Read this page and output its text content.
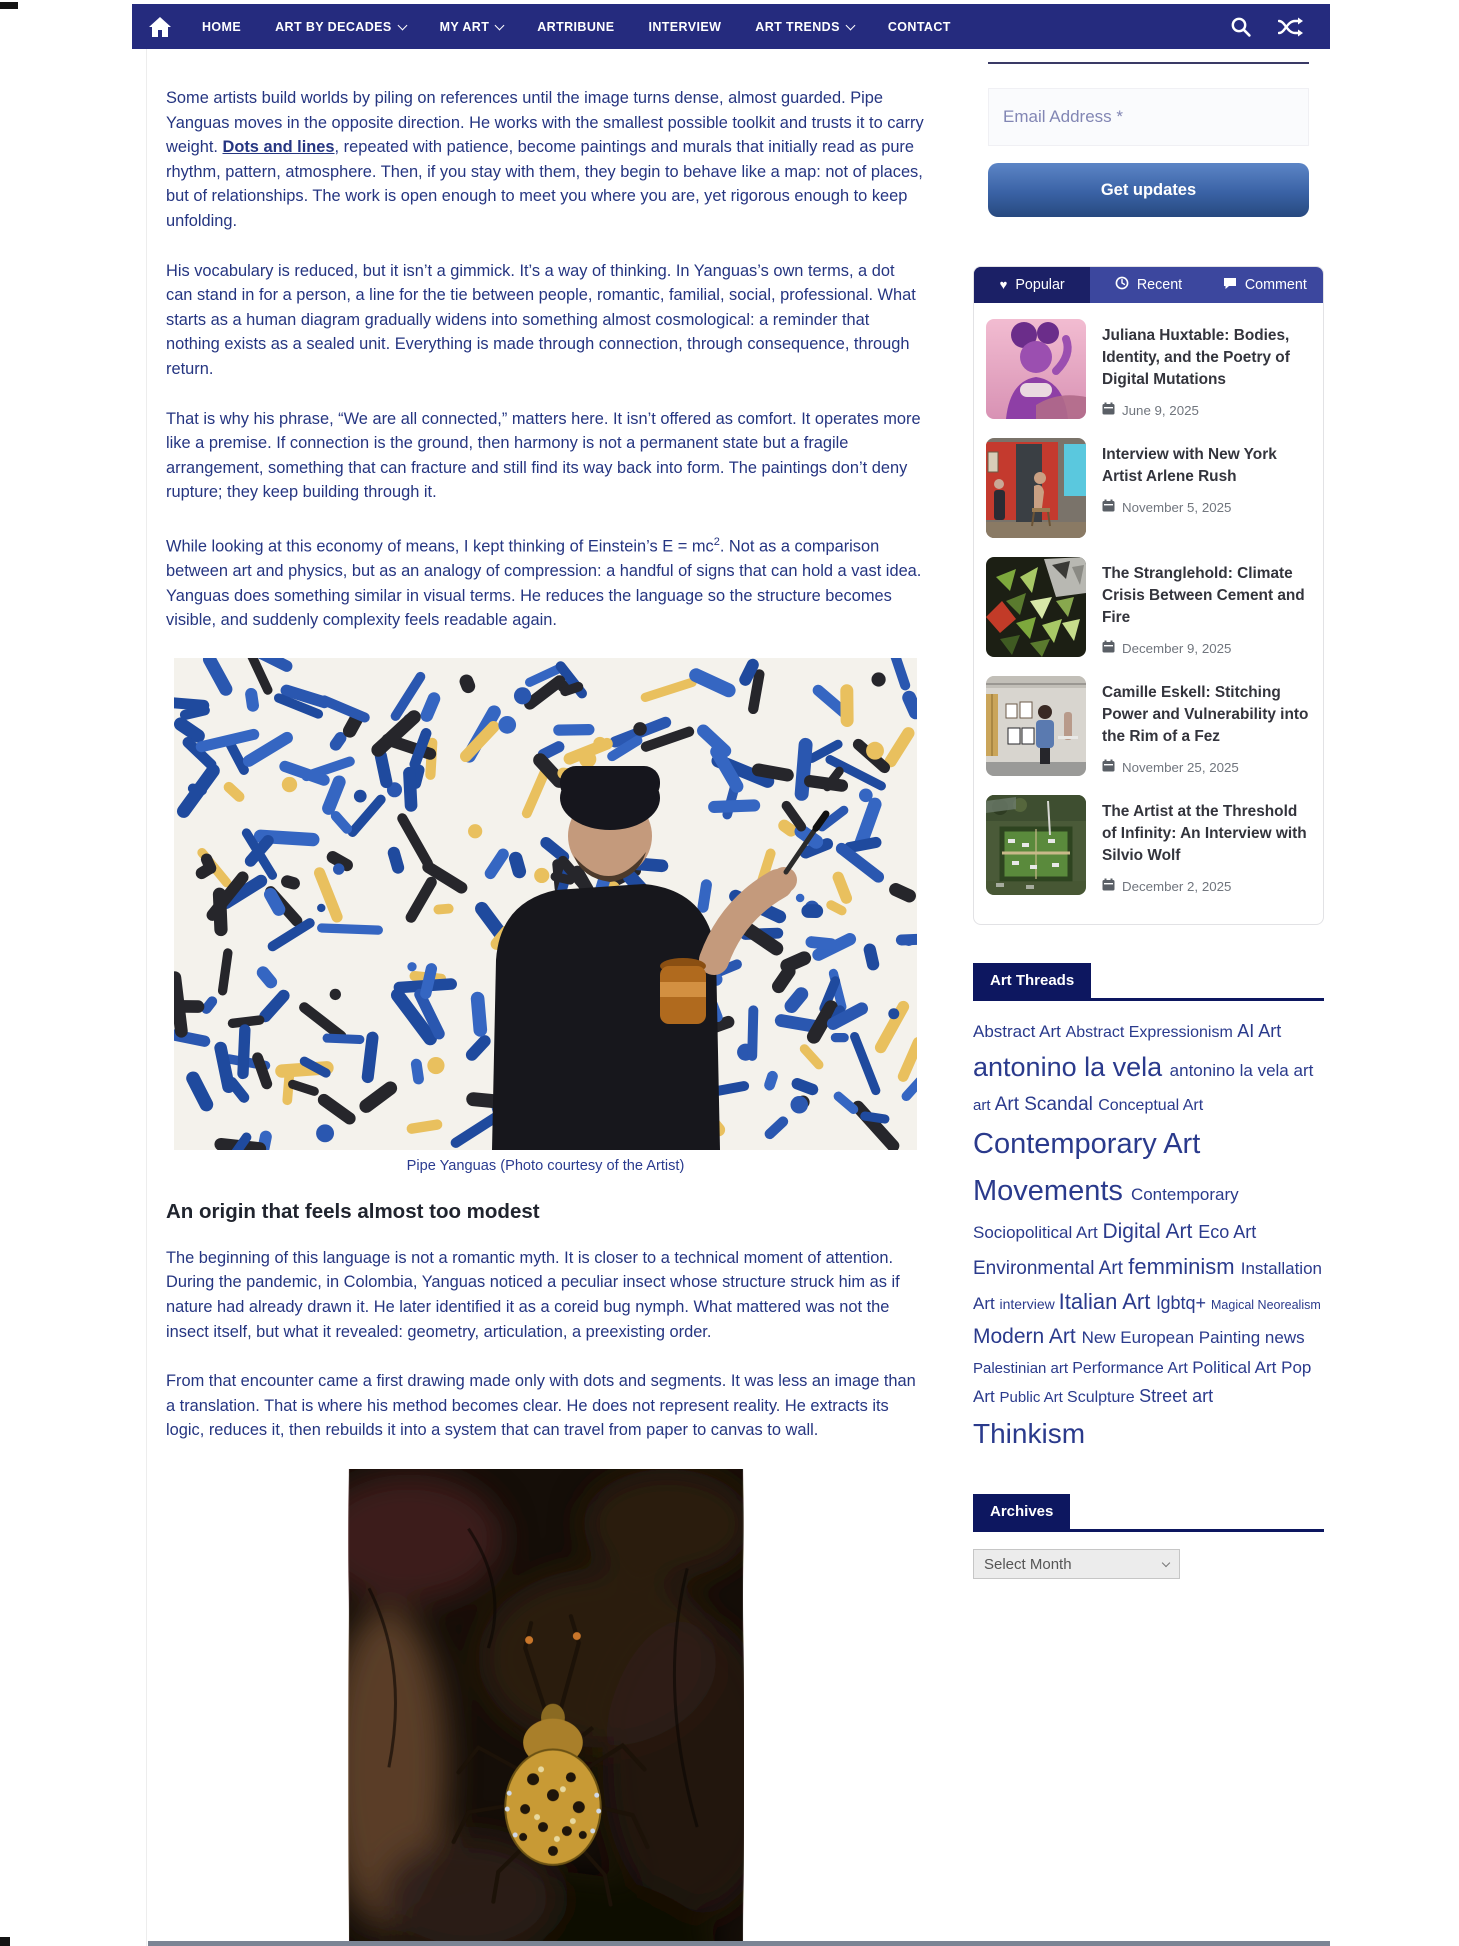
HOME	ART BY DECADES	MY ART	ARTRIBUNE	INTERVIEW	ART TRENDS	CONTACT

Some artists build worlds by piling on references until the image turns dense, almost guarded. Pipe Yanguas moves in the opposite direction. He works with the smallest possible toolkit and trusts it to carry weight. Dots and lines, repeated with patience, become paintings and murals that initially read as pure rhythm, pattern, atmosphere. Then, if you stay with them, they begin to behave like a map: not of places, but of relationships. The work is open enough to meet you where you are, yet rigorous enough to keep unfolding.

His vocabulary is reduced, but it isn’t a gimmick. It’s a way of thinking. In Yanguas’s own terms, a dot can stand in for a person, a line for the tie between people, romantic, familial, social, professional. What starts as a human diagram gradually widens into something almost cosmological: a reminder that nothing exists as a sealed unit. Everything is made through connection, through consequence, through return.

That is why his phrase, “We are all connected,” matters here. It isn’t offered as comfort. It operates more like a premise. If connection is the ground, then harmony is not a permanent state but a fragile arrangement, something that can fracture and still find its way back into form. The paintings don’t deny rupture; they keep building through it.

While looking at this economy of means, I kept thinking of Einstein’s $E = mc^2$. Not as a comparison between art and physics, but as an analogy of compression: a handful of signs that can hold a vast idea. Yanguas does something similar in visual terms. He reduces the language so the structure becomes visible, and suddenly complexity feels readable again.

Pipe Yanguas (Photo courtesy of the Artist)
An origin that feels almost too modest

The beginning of this language is not a romantic myth. It is closer to a technical moment of attention. During the pandemic, in Colombia, Yanguas noticed a peculiar insect whose structure struck him as if nature had already drawn it. He later identified it as a coreid bug nymph. What mattered was not the insect itself, but what it revealed: geometry, articulation, a preexisting order.

From that encounter came a first drawing made only with dots and segments. It was less an image than a translation. That is where his method becomes clear. He does not represent reality. He extracts its logic, reduces it, then rebuilds it into a system that can travel from paper to canvas to wall.

Email Address *
Get updates
♥ Popular	Recent	Comment
Juliana Huxtable: Bodies, Identity, and the Poetry of Digital Mutations
June 9, 2025
Interview with New York Artist Arlene Rush
November 5, 2025
The Stranglehold: Climate Crisis Between Cement and Fire
December 9, 2025
Camille Eskell: Stitching Power and Vulnerability into the Rim of a Fez
November 25, 2025
The Artist at the Threshold of Infinity: An Interview with Silvio Wolf
December 2, 2025
Art Threads
Abstract Art Abstract Expressionism AI Artantonino la vela antonino la vela artart Art Scandal Conceptual ArtContemporary Art Movements Contemporary Sociopolitical Art Digital Art Eco ArtEnvironmental Art femminism Installation Art interview Italian Art lgbtq+ Magical NeorealismModern Art New European Painting newsPalestinian art Performance Art Political Art Pop Art Public Art Sculpture Street artThinkism
Archives
Select Month
